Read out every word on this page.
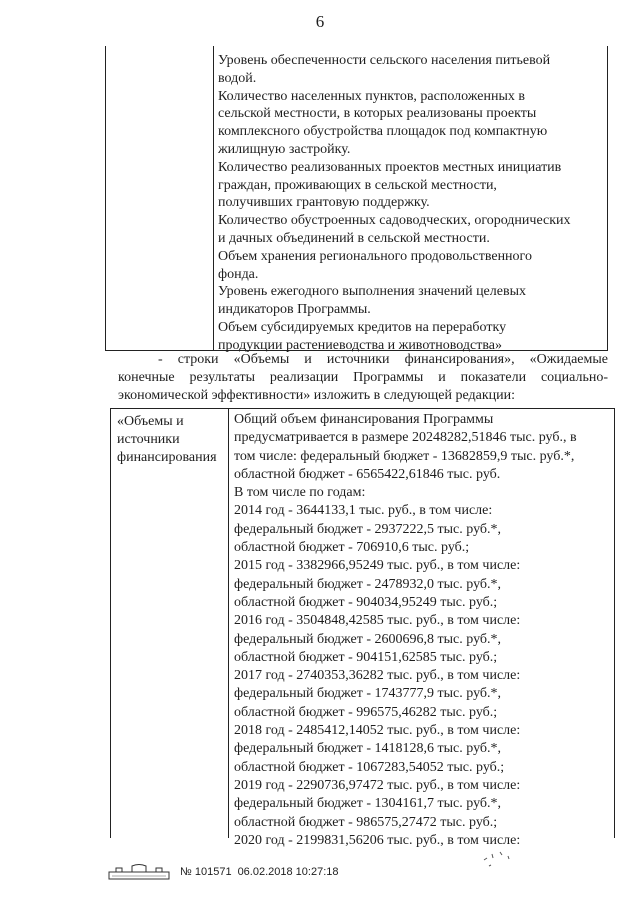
6
Уровень обеспеченности сельского населения питьевой
водой.
Количество населенных пунктов, расположенных в
сельской местности, в которых реализованы проекты
комплексного обустройства площадок под компактную
жилищную застройку.
Количество реализованных проектов местных инициатив
граждан, проживающих в сельской местности,
получивших грантовую поддержку.
Количество обустроенных садоводческих, огороднических
и дачных объединений в сельской местности.
Объем хранения регионального продовольственного
фонда.
Уровень ежегодного выполнения значений целевых
индикаторов Программы.
Объем субсидируемых кредитов на переработку
продукции растениеводства и животноводства»

- строки «Объемы и источники финансирования», «Ожидаемые

конечные результаты реализации Программы и показатели социально-

экономической эффективности» изложить в следующей редакции:

«Объемы и
источники
финансирования
Общий объем финансирования Программы
предусматривается в размере 20248282,51846 тыс. руб., в
том числе: федеральный бюджет - 13682859,9 тыс. руб.*,
областной бюджет - 6565422,61846 тыс. руб.
В том числе по годам:
2014 год - 3644133,1 тыс. руб., в том числе:
федеральный бюджет - 2937222,5 тыс. руб.*,
областной бюджет - 706910,6 тыс. руб.;
2015 год - 3382966,95249 тыс. руб., в том числе:
федеральный бюджет - 2478932,0 тыс. руб.*,
областной бюджет - 904034,95249 тыс. руб.;
2016 год - 3504848,42585 тыс. руб., в том числе:
федеральный бюджет - 2600696,8 тыс. руб.*,
областной бюджет - 904151,62585 тыс. руб.;
2017 год - 2740353,36282 тыс. руб., в том числе:
федеральный бюджет - 1743777,9 тыс. руб.*,
областной бюджет - 996575,46282 тыс. руб.;
2018 год - 2485412,14052 тыс. руб., в том числе:
федеральный бюджет - 1418128,6 тыс. руб.*,
областной бюджет - 1067283,54052 тыс. руб.;
2019 год - 2290736,97472 тыс. руб., в том числе:
федеральный бюджет - 1304161,7 тыс. руб.*,
областной бюджет - 986575,27472 тыс. руб.;
2020 год - 2199831,56206 тыс. руб., в том числе:
№ 101571 06.02.2018 10:27:18
